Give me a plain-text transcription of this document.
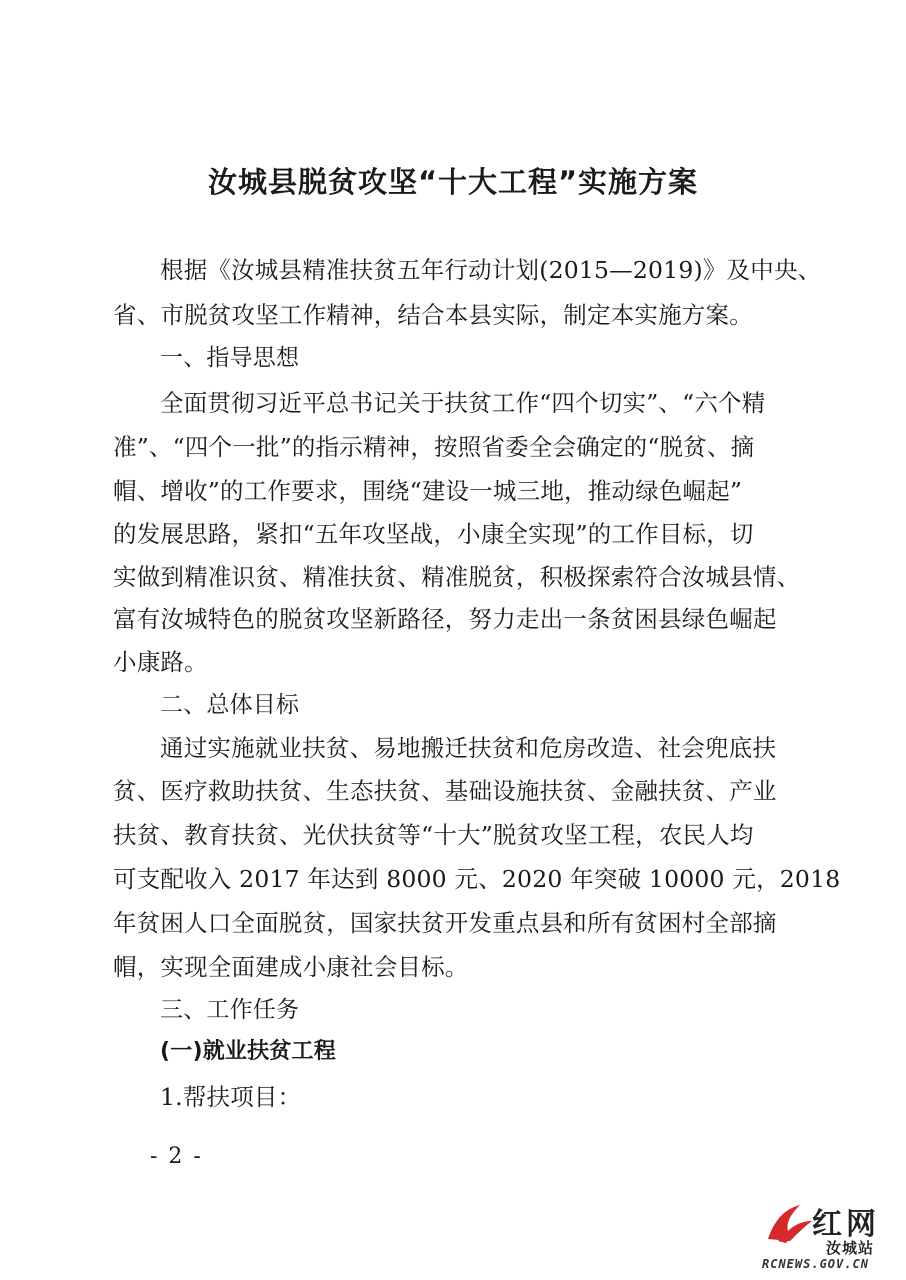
汝城县脱贫攻坚“十大工程”实施方案
根据《汝城县精准扶贫五年行动计划(2015—2019)》及中央、
省、市脱贫攻坚工作精神，结合本县实际，制定本实施方案。
一、指导思想
全面贯彻习近平总书记关于扶贫工作“四个切实”、“六个精
准”、“四个一批”的指示精神，按照省委全会确定的“脱贫、摘
帽、增收”的工作要求，围绕“建设一城三地，推动绿色崛起”
的发展思路，紧扣“五年攻坚战，小康全实现”的工作目标，切
实做到精准识贫、精准扶贫、精准脱贫，积极探索符合汝城县情、
富有汝城特色的脱贫攻坚新路径，努力走出一条贫困县绿色崛起
小康路。
二、总体目标
通过实施就业扶贫、易地搬迁扶贫和危房改造、社会兜底扶
贫、医疗救助扶贫、生态扶贫、基础设施扶贫、金融扶贫、产业
扶贫、教育扶贫、光伏扶贫等“十大”脱贫攻坚工程，农民人均
可支配收入 2017 年达到 8000 元、2020 年突破 10000 元，2018
年贫困人口全面脱贫，国家扶贫开发重点县和所有贫困村全部摘
帽，实现全面建成小康社会目标。
三、工作任务
(一)就业扶贫工程
1.帮扶项目：
- 2 -
红网
汝城站
RCNEWS.GOV.CN
